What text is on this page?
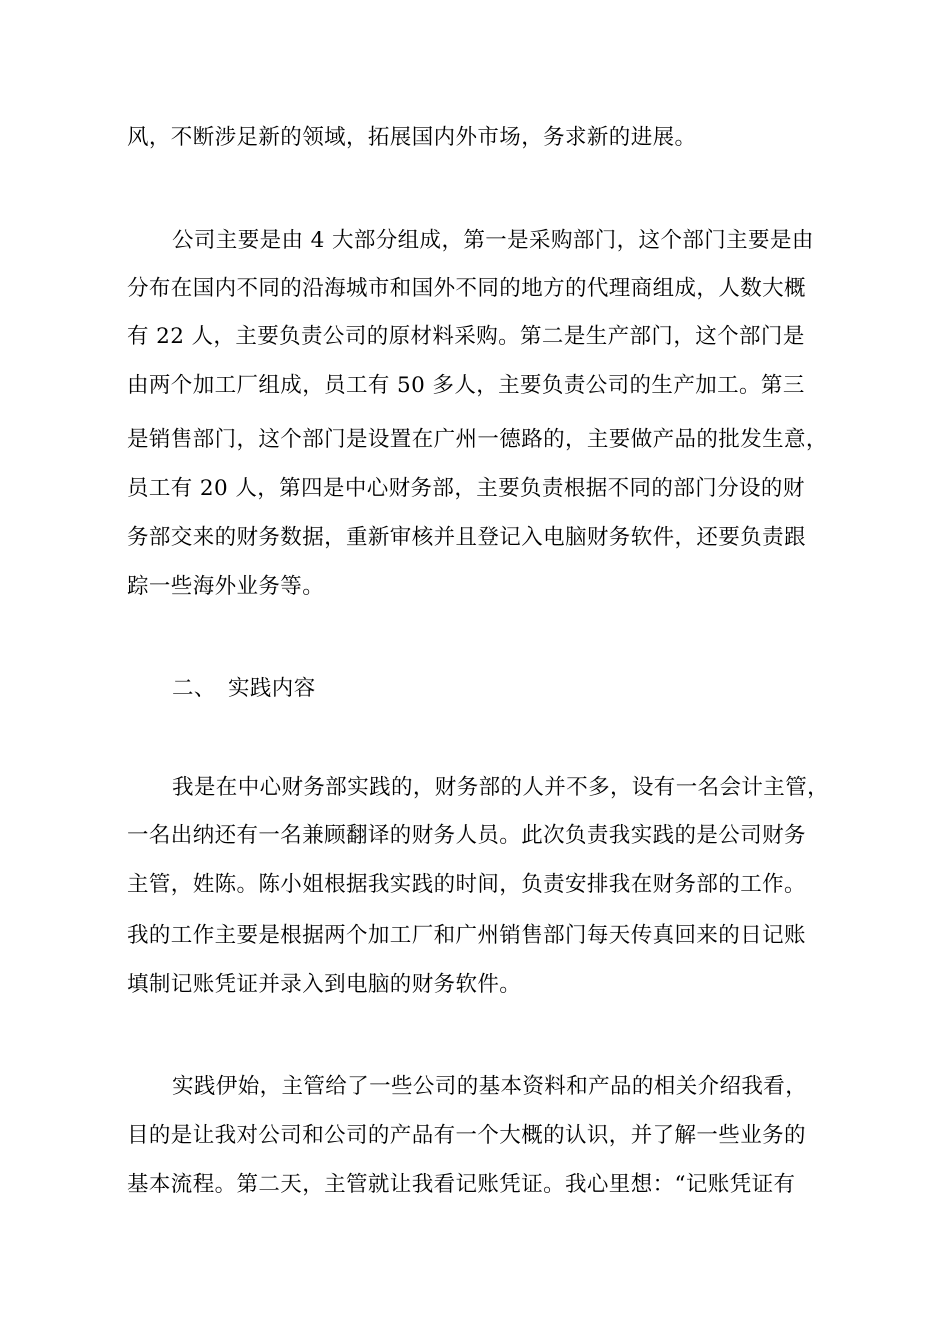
风，不断涉足新的领域，拓展国内外市场，务求新的进展。
公司主要是由 4 大部分组成，第一是采购部门，这个部门主要是由
分布在国内不同的沿海城市和国外不同的地方的代理商组成，人数大概
有 22 人，主要负责公司的原材料采购。第二是生产部门，这个部门是
由两个加工厂组成，员工有 50 多人，主要负责公司的生产加工。第三
是销售部门，这个部门是设置在广州一德路的，主要做产品的批发生意，
员工有 20 人，第四是中心财务部，主要负责根据不同的部门分设的财
务部交来的财务数据，重新审核并且登记入电脑财务软件，还要负责跟
踪一些海外业务等。
二、 实践内容
我是在中心财务部实践的，财务部的人并不多，设有一名会计主管，
一名出纳还有一名兼顾翻译的财务人员。此次负责我实践的是公司财务
主管，姓陈。陈小姐根据我实践的时间，负责安排我在财务部的工作。
我的工作主要是根据两个加工厂和广州销售部门每天传真回来的日记账
填制记账凭证并录入到电脑的财务软件。
实践伊始，主管给了一些公司的基本资料和产品的相关介绍我看，
目的是让我对公司和公司的产品有一个大概的认识，并了解一些业务的
基本流程。第二天，主管就让我看记账凭证。我心里想：“记账凭证有
